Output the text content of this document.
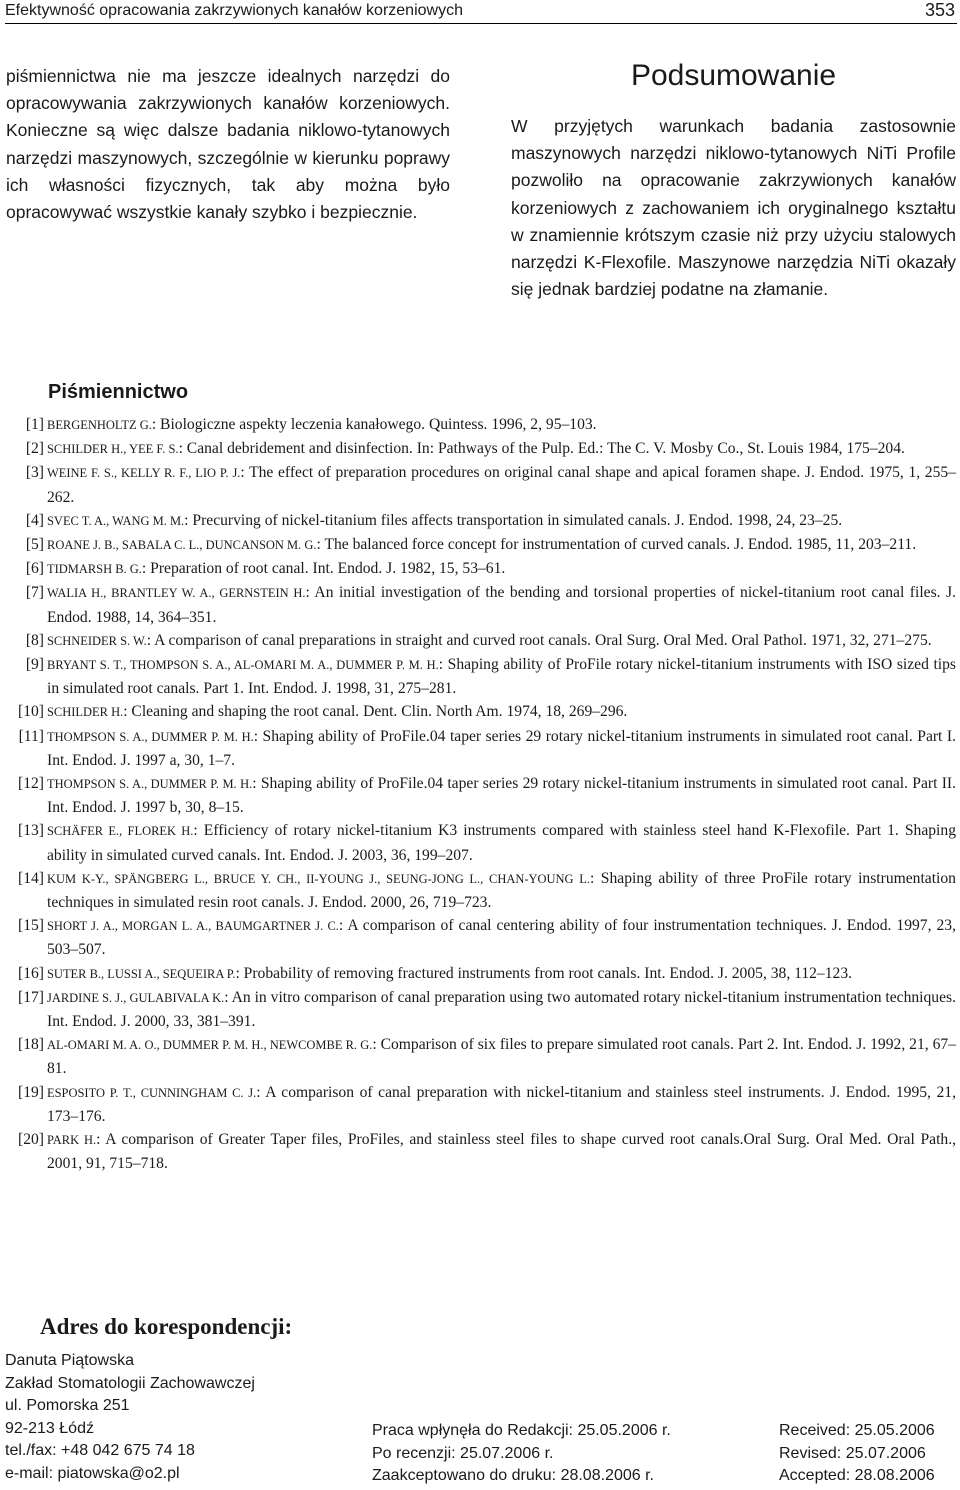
Efektywność opracowania zakrzywionych kanałów korzeniowych	353

piśmiennictwa nie ma jeszcze idealnych narzędzi do opracowywania zakrzywionych kanałów korzeniowych. Konieczne są więc dalsze badania niklowo-tytanowych narzędzi maszynowych, szczególnie w kierunku poprawy ich własności fizycznych, tak aby można było opracowywać wszystkie kanały szybko i bezpiecznie.

Podsumowanie

W przyjętych warunkach badania zastosownie maszynowych narzędzi niklowo-tytanowych NiTi Profile pozwoliło na opracowanie zakrzywionych kanałów korzeniowych z zachowaniem ich oryginalnego kształtu w znamiennie krótszym czasie niż przy użyciu stalowych narzędzi K-Flexofile. Maszynowe narzędzia NiTi okazały się jednak bardziej podatne na złamanie.

Piśmiennictwo
[1] BERGENHOLTZ G.: Biologiczne aspekty leczenia kanałowego. Quintess. 1996, 2, 95–103.
[2] SCHILDER H., YEE F. S.: Canal debridement and disinfection. In: Pathways of the Pulp. Ed.: The C. V. Mosby Co., St. Louis 1984, 175–204.
[3] WEINE F. S., KELLY R. F., LIO P. J.: The effect of preparation procedures on original canal shape and apical foramen shape. J. Endod. 1975, 1, 255–262.
[4] SVEC T. A., WANG M. M.: Precurving of nickel-titanium files affects transportation in simulated canals. J. Endod. 1998, 24, 23–25.
[5] ROANE J. B., SABALA C. L., DUNCANSON M. G.: The balanced force concept for instrumentation of curved canals. J. Endod. 1985, 11, 203–211.
[6] TIDMARSH B. G.: Preparation of root canal. Int. Endod. J. 1982, 15, 53–61.
[7] WALIA H., BRANTLEY W. A., GERNSTEIN H.: An initial investigation of the bending and torsional properties of nickel-titanium root canal files. J. Endod. 1988, 14, 364–351.
[8] SCHNEIDER S. W.: A comparison of canal preparations in straight and curved root canals. Oral Surg. Oral Med. Oral Pathol. 1971, 32, 271–275.
[9] BRYANT S. T., THOMPSON S. A., AL-OMARI M. A., DUMMER P. M. H.: Shaping ability of ProFile rotary nickel-titanium instruments with ISO sized tips in simulated root canals. Part 1. Int. Endod. J. 1998, 31, 275–281.
[10] SCHILDER H.: Cleaning and shaping the root canal. Dent. Clin. North Am. 1974, 18, 269–296.
[11] THOMPSON S. A., DUMMER P. M. H.: Shaping ability of ProFile.04 taper series 29 rotary nickel-titanium instruments in simulated root canal. Part I. Int. Endod. J. 1997 a, 30, 1–7.
[12] THOMPSON S. A., DUMMER P. M. H.: Shaping ability of ProFile.04 taper series 29 rotary nickel-titanium instruments in simulated root canal. Part II. Int. Endod. J. 1997 b, 30, 8–15.
[13] SCHÄFER E., FLOREK H.: Efficiency of rotary nickel-titanium K3 instruments compared with stainless steel hand K-Flexofile. Part 1. Shaping ability in simulated curved canals. Int. Endod. J. 2003, 36, 199–207.
[14] KUM K-Y., SPÄNGBERG L., BRUCE Y. CH., II-YOUNG J., SEUNG-JONG L., CHAN-YOUNG L.: Shaping ability of three ProFile rotary instrumentation techniques in simulated resin root canals. J. Endod. 2000, 26, 719–723.
[15] SHORT J. A., MORGAN L. A., BAUMGARTNER J. C.: A comparison of canal centering ability of four instrumentation techniques. J. Endod. 1997, 23, 503–507.
[16] SUTER B., LUSSI A., SEQUEIRA P.: Probability of removing fractured instruments from root canals. Int. Endod. J. 2005, 38, 112–123.
[17] JARDINE S. J., GULABIVALA K.: An in vitro comparison of canal preparation using two automated rotary nickel-titanium instrumentation techniques. Int. Endod. J. 2000, 33, 381–391.
[18] AL-OMARI M. A. O., DUMMER P. M. H., NEWCOMBE R. G.: Comparison of six files to prepare simulated root canals. Part 2. Int. Endod. J. 1992, 21, 67–81.
[19] ESPOSITO P. T., CUNNINGHAM C. J.: A comparison of canal preparation with nickel-titanium and stainless steel instruments. J. Endod. 1995, 21, 173–176.
[20] PARK H.: A comparison of Greater Taper files, ProFiles, and stainless steel files to shape curved root canals.Oral Surg. Oral Med. Oral Path., 2001, 91, 715–718.
Adres do korespondencji:
Danuta Piątowska
Zakład Stomatologii Zachowawczej
ul. Pomorska 251
92-213 Łódź
tel./fax: +48 042 675 74 18
e-mail: piatowska@o2.pl
Praca wpłynęła do Redakcji: 25.05.2006 r.
Po recenzji: 25.07.2006 r.
Zaakceptowano do druku: 28.08.2006 r.
Received: 25.05.2006
Revised: 25.07.2006
Accepted: 28.08.2006
